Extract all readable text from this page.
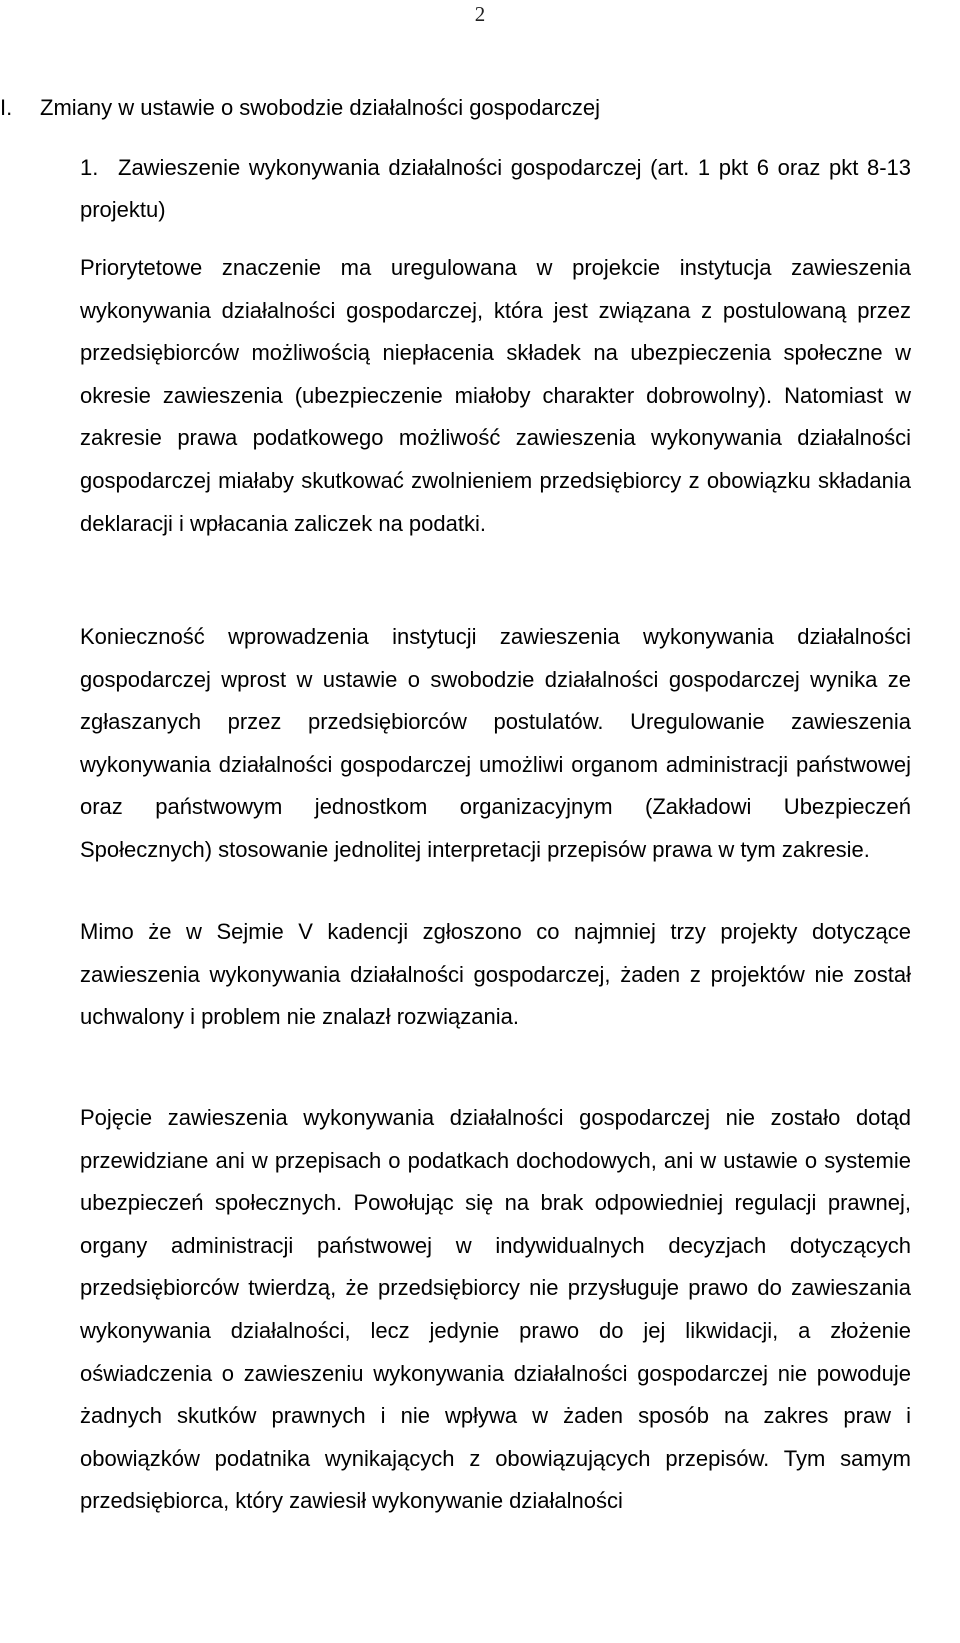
2
I. Zmiany w ustawie o swobodzie działalności gospodarczej
1. Zawieszenie wykonywania działalności gospodarczej (art. 1 pkt 6 oraz pkt 8-13 projektu)

Priorytetowe znaczenie ma uregulowana w projekcie instytucja zawieszenia wykonywania działalności gospodarczej, która jest związana z postulowaną przez przedsiębiorców możliwością niepłacenia składek na ubezpieczenia społeczne w okresie zawieszenia (ubezpieczenie miałoby charakter dobrowolny). Natomiast w zakresie prawa podatkowego możliwość zawieszenia wykonywania działalności gospodarczej miałaby skutkować zwolnieniem przedsiębiorcy z obowiązku składania deklaracji i wpłacania zaliczek na podatki.

Konieczność wprowadzenia instytucji zawieszenia wykonywania działalności gospodarczej wprost w ustawie o swobodzie działalności gospodarczej wynika ze zgłaszanych przez przedsiębiorców postulatów. Uregulowanie zawieszenia wykonywania działalności gospodarczej umożliwi organom administracji państwowej oraz państwowym jednostkom organizacyjnym (Zakładowi Ubezpieczeń Społecznych) stosowanie jednolitej interpretacji przepisów prawa w tym zakresie.

Mimo że w Sejmie V kadencji zgłoszono co najmniej trzy projekty dotyczące zawieszenia wykonywania działalności gospodarczej, żaden z projektów nie został uchwalony i problem nie znalazł rozwiązania.

Pojęcie zawieszenia wykonywania działalności gospodarczej nie zostało dotąd przewidziane ani w przepisach o podatkach dochodowych, ani w ustawie o systemie ubezpieczeń społecznych. Powołując się na brak odpowiedniej regulacji prawnej, organy administracji państwowej w indywidualnych decyzjach dotyczących przedsiębiorców twierdzą, że przedsiębiorcy nie przysługuje prawo do zawieszania wykonywania działalności, lecz jedynie prawo do jej likwidacji, a złożenie oświadczenia o zawieszeniu wykonywania działalności gospodarczej nie powoduje żadnych skutków prawnych i nie wpływa w żaden sposób na zakres praw i obowiązków podatnika wynikających z obowiązujących przepisów. Tym samym przedsiębiorca, który zawiesił wykonywanie działalności
